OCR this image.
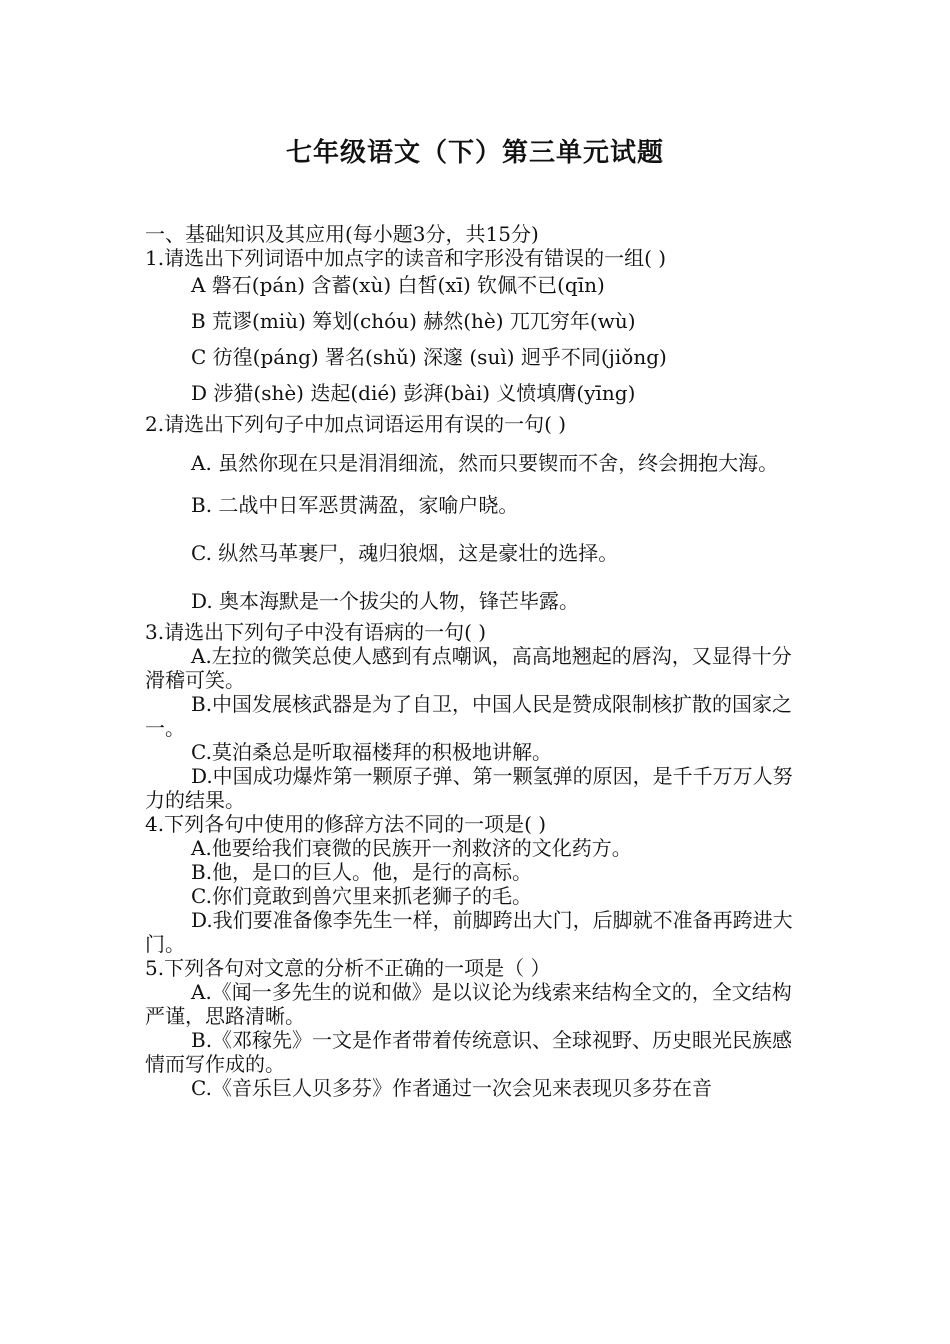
七年级语文（下）第三单元试题
一、基础知识及其应用(每小题3分，共15分)
1.请选出下列词语中加点字的读音和字形没有错误的一组( )
A 磐石(pán) 含蓄(xù) 白皙(xī) 钦佩不已(qīn)
B 荒谬(miù) 筹划(chóu) 赫然(hè) 兀兀穷年(wù)
C 彷徨(páng) 署名(shǔ) 深邃 (suì) 迥乎不同(jiǒng)
D 涉猎(shè) 迭起(dié) 彭湃(bài) 义愤填膺(yīng)
2.请选出下列句子中加点词语运用有误的一句( )
A. 虽然你现在只是涓涓细流，然而只要锲而不舍，终会拥抱大海。
B. 二战中日军恶贯满盈，家喻户晓。
C. 纵然马革裹尸，魂归狼烟，这是豪壮的选择。
D. 奥本海默是一个拔尖的人物，锋芒毕露。
3.请选出下列句子中没有语病的一句( )
A.左拉的微笑总使人感到有点嘲讽，高高地翘起的唇沟，又显得十分滑稽可笑。
B.中国发展核武器是为了自卫，中国人民是赞成限制核扩散的国家之一。
C.莫泊桑总是听取福楼拜的积极地讲解。
D.中国成功爆炸第一颗原子弹、第一颗氢弹的原因，是千千万万人努力的结果。
4.下列各句中使用的修辞方法不同的一项是( )
A.他要给我们衰微的民族开一剂救济的文化药方。
B.他，是口的巨人。他，是行的高标。
C.你们竟敢到兽穴里来抓老狮子的毛。
D.我们要准备像李先生一样，前脚跨出大门，后脚就不准备再跨进大门。
5.下列各句对文意的分析不正确的一项是（ ）
A.《闻一多先生的说和做》是以议论为线索来结构全文的，全文结构严谨，思路清晰。
B.《邓稼先》一文是作者带着传统意识、全球视野、历史眼光民族感情而写作成的。
C.《音乐巨人贝多芬》作者通过一次会见来表现贝多芬在音
